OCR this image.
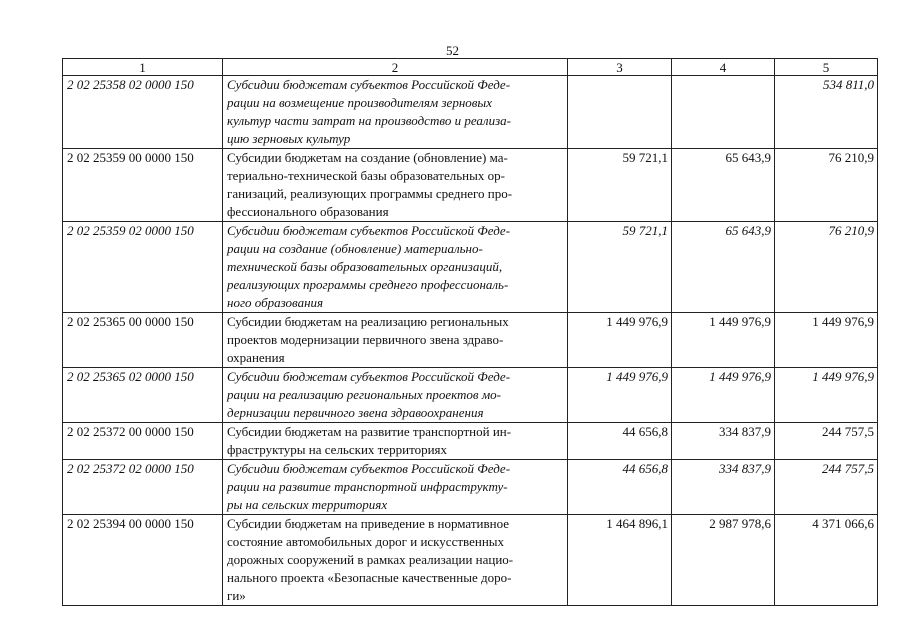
52
1	2	3	4	5
2 02 25358 02 0000 150	Субсидии бюджетам субъектов Российской Феде-
рации на возмещение производителям зерновых
культур части затрат на производство и реализа-
цию зерновых культур			534 811,0
2 02 25359 00 0000 150	Субсидии бюджетам на создание (обновление) ма-
териально-технической базы образовательных ор-
ганизаций, реализующих программы среднего про-
фессионального образования	59 721,1	65 643,9	76 210,9
2 02 25359 02 0000 150	Субсидии бюджетам субъектов Российской Феде-
рации на создание (обновление) материально-
технической базы образовательных организаций,
реализующих программы среднего профессиональ-
ного образования	59 721,1	65 643,9	76 210,9
2 02 25365 00 0000 150	Субсидии бюджетам на реализацию региональных
проектов модернизации первичного звена здраво-
охранения	1 449 976,9	1 449 976,9	1 449 976,9
2 02 25365 02 0000 150	Субсидии бюджетам субъектов Российской Феде-
рации на реализацию региональных проектов мо-
дернизации первичного звена здравоохранения	1 449 976,9	1 449 976,9	1 449 976,9
2 02 25372 00 0000 150	Субсидии бюджетам на развитие транспортной ин-
фраструктуры на сельских территориях	44 656,8	334 837,9	244 757,5
2 02 25372 02 0000 150	Субсидии бюджетам субъектов Российской Феде-
рации на развитие транспортной инфраструкту-
ры на сельских территориях	44 656,8	334 837,9	244 757,5
2 02 25394 00 0000 150	Субсидии бюджетам на приведение в нормативное
состояние автомобильных дорог и искусственных
дорожных сооружений в рамках реализации нацио-
нального проекта «Безопасные качественные доро-
ги»	1 464 896,1	2 987 978,6	4 371 066,6
